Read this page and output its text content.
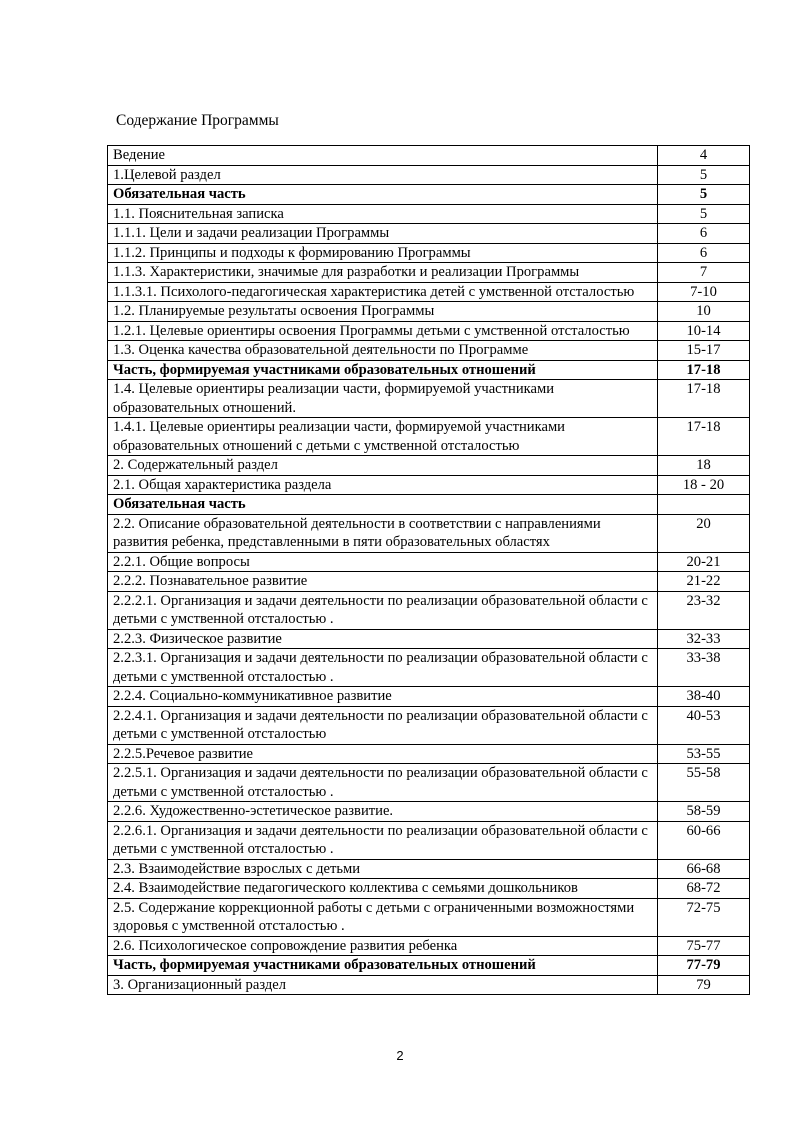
Содержание Программы
Ведение	4
1.Целевой раздел	5
Обязательная часть	5
1.1. Пояснительная записка	5
1.1.1. Цели и задачи реализации Программы	6
1.1.2. Принципы и подходы к формированию Программы	6
1.1.3. Характеристики, значимые для разработки и реализации Программы	7
1.1.3.1. Психолого-педагогическая характеристика детей с умственной отсталостью	7-10
1.2. Планируемые результаты освоения Программы	10
1.2.1. Целевые ориентиры освоения Программы детьми с умственной отсталостью	10-14
1.3. Оценка качества образовательной деятельности по Программе	15-17
Часть, формируемая участниками образовательных отношений	17-18
1.4. Целевые ориентиры реализации части, формируемой участниками образовательных отношений.	17-18
1.4.1. Целевые ориентиры реализации части, формируемой участниками образовательных отношений с детьми с умственной отсталостью	17-18
2. Содержательный раздел	18
2.1. Общая характеристика раздела	18 - 20
Обязательная часть	
2.2. Описание образовательной деятельности в соответствии с направлениями развития ребенка, представленными в пяти образовательных областях	20
2.2.1. Общие вопросы	20-21
2.2.2. Познавательное развитие	21-22
2.2.2.1. Организация и задачи деятельности по реализации образовательной области с детьми с умственной отсталостью .	23-32
2.2.3. Физическое развитие	32-33
2.2.3.1. Организация и задачи деятельности по реализации образовательной области с детьми с умственной отсталостью .	33-38
2.2.4. Социально-коммуникативное развитие	38-40
2.2.4.1. Организация и задачи деятельности по реализации образовательной области с детьми с умственной отсталостью	40-53
2.2.5.Речевое развитие	53-55
2.2.5.1. Организация и задачи деятельности по реализации образовательной области с детьми с умственной отсталостью .	55-58
2.2.6. Художественно-эстетическое развитие.	58-59
2.2.6.1. Организация и задачи деятельности по реализации образовательной области с детьми с умственной отсталостью .	60-66
2.3. Взаимодействие взрослых с детьми	66-68
2.4. Взаимодействие педагогического коллектива с семьями дошкольников	68-72
2.5. Содержание коррекционной работы с детьми с ограниченными возможностями здоровья с умственной отсталостью .	72-75
2.6. Психологическое сопровождение развития ребенка	75-77
Часть, формируемая участниками образовательных отношений	77-79
3. Организационный раздел	79
2
